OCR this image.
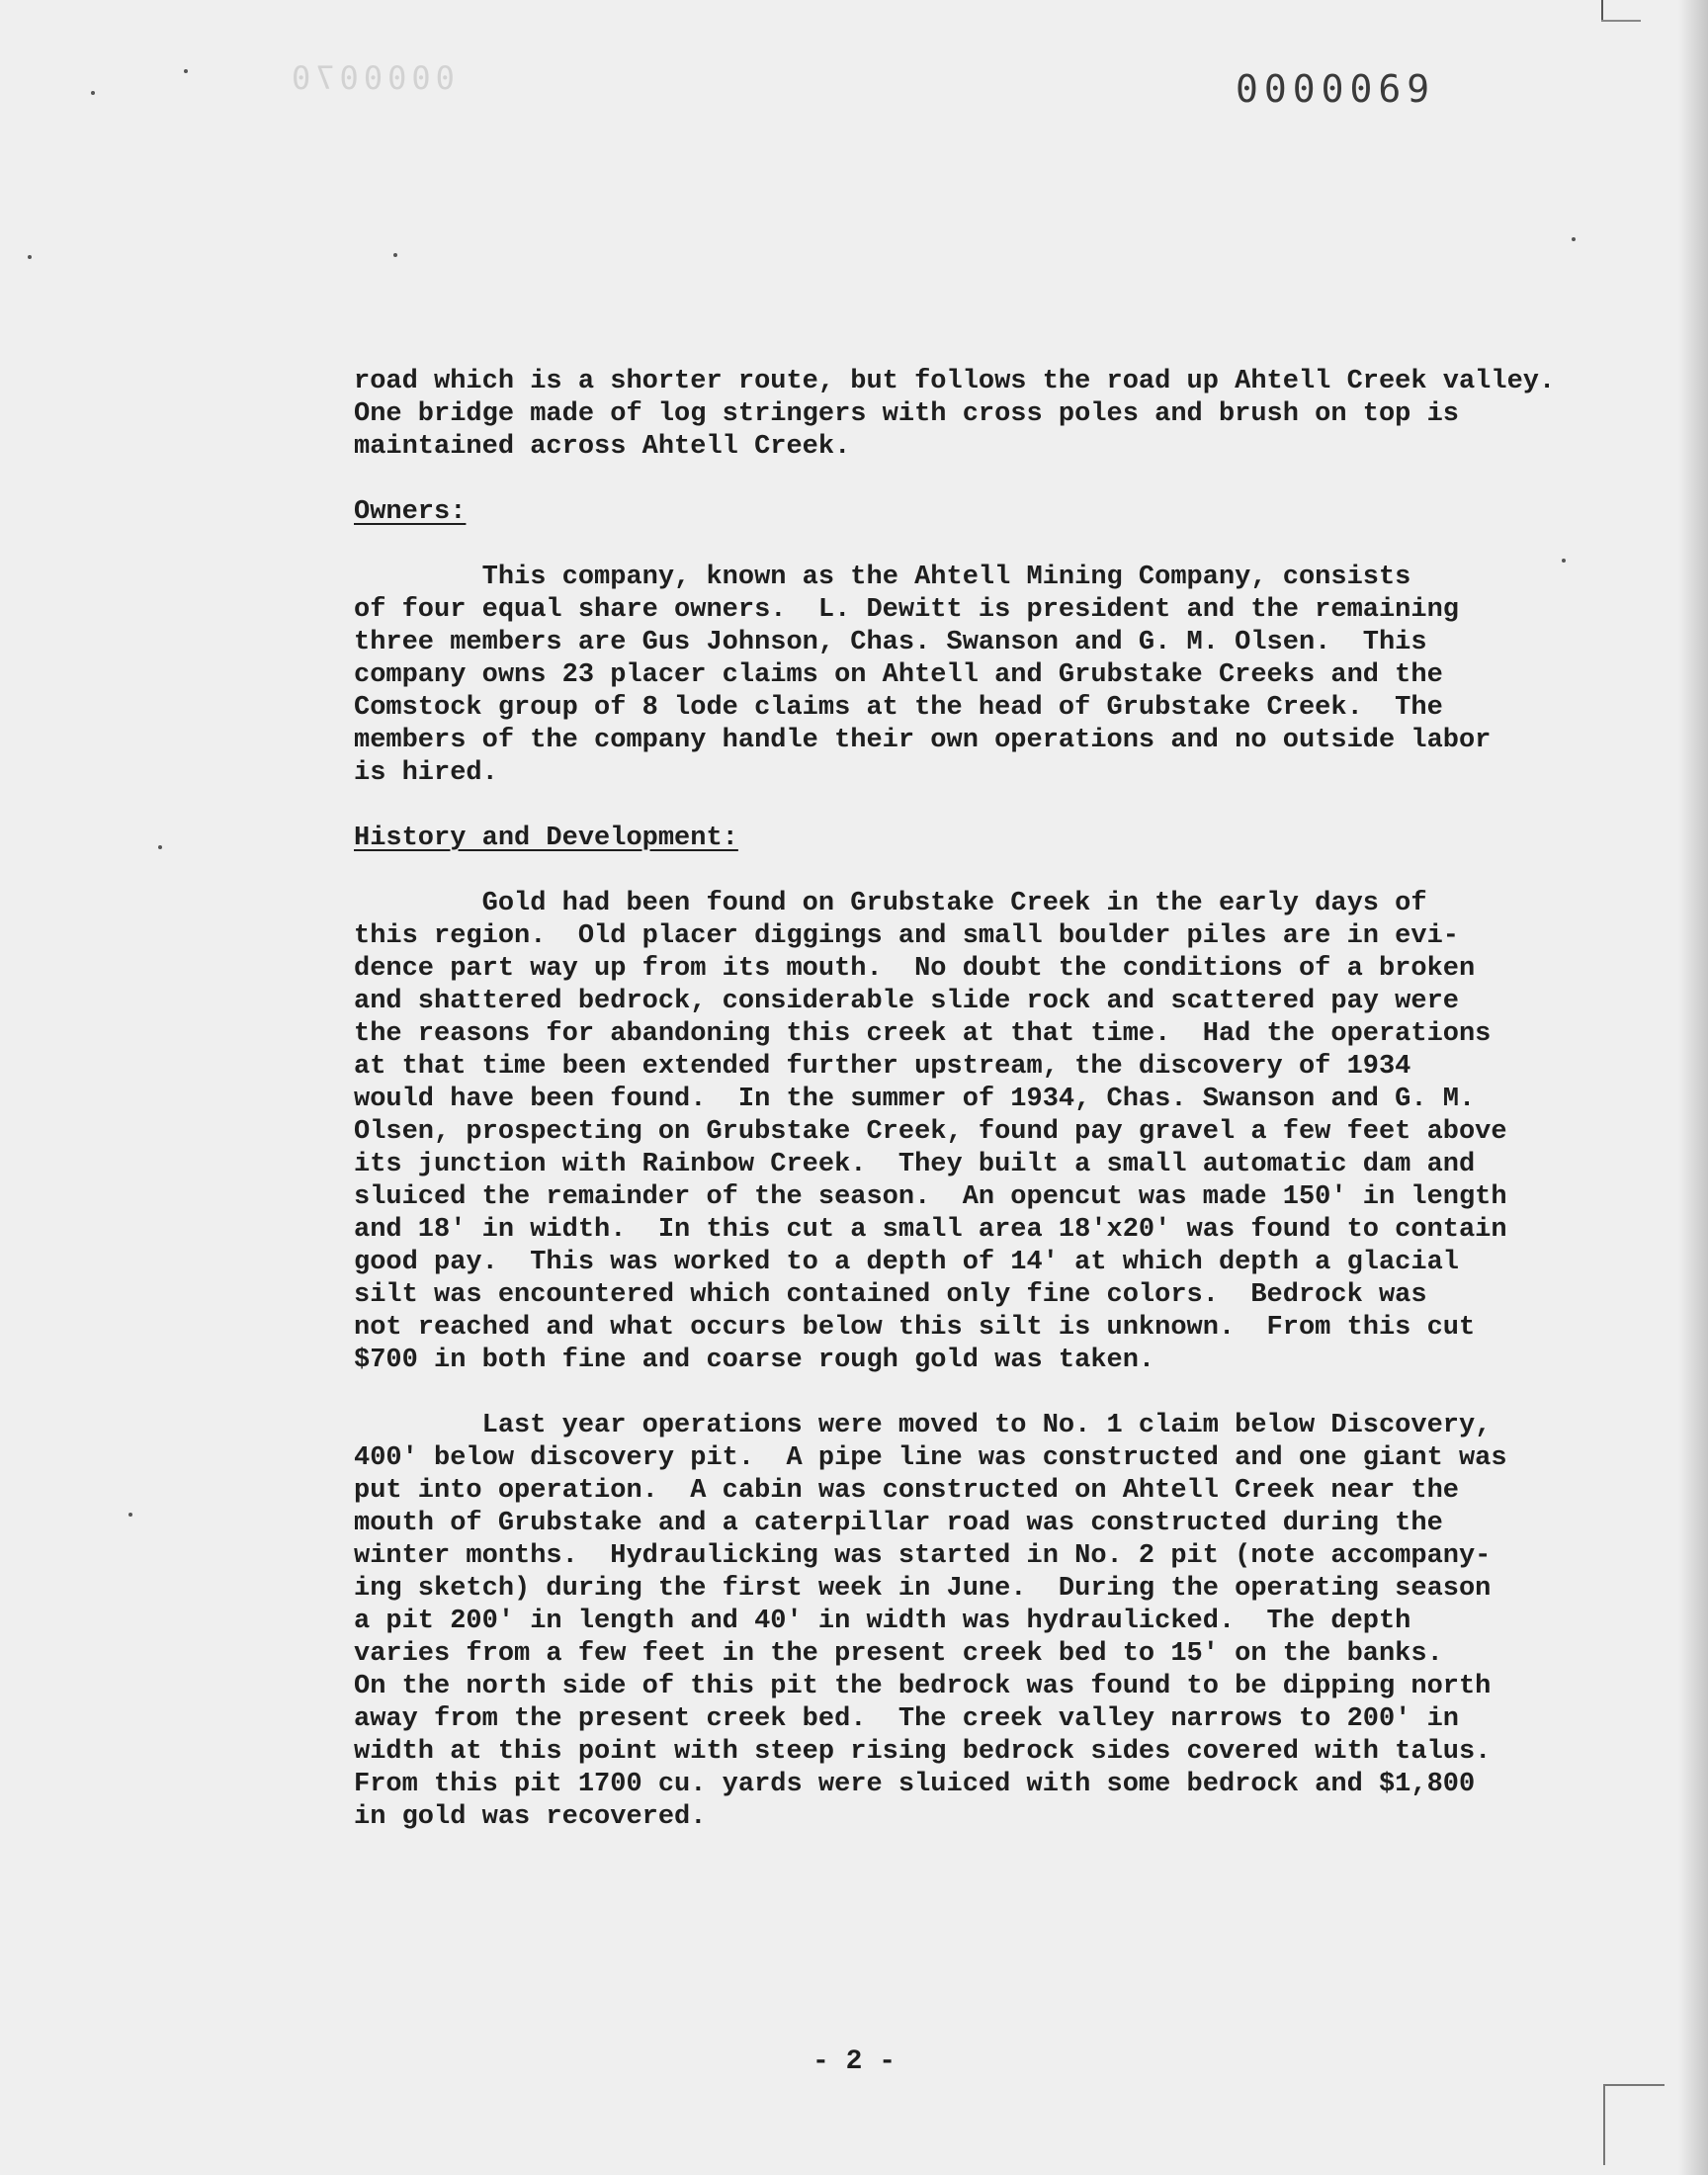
0000070	0000069
road which is a shorter route, but follows the road up Ahtell Creek valley.
One bridge made of log stringers with cross poles and brush on top is
maintained across Ahtell Creek.
Owners:
This company, known as the Ahtell Mining Company, consists
of four equal share owners.  L. Dewitt is president and the remaining
three members are Gus Johnson, Chas. Swanson and G. M. Olsen.  This
company owns 23 placer claims on Ahtell and Grubstake Creeks and the
Comstock group of 8 lode claims at the head of Grubstake Creek.  The
members of the company handle their own operations and no outside labor
is hired.
History and Development:
Gold had been found on Grubstake Creek in the early days of
this region.  Old placer diggings and small boulder piles are in evi-
dence part way up from its mouth.  No doubt the conditions of a broken
and shattered bedrock, considerable slide rock and scattered pay were
the reasons for abandoning this creek at that time.  Had the operations
at that time been extended further upstream, the discovery of 1934
would have been found.  In the summer of 1934, Chas. Swanson and G. M.
Olsen, prospecting on Grubstake Creek, found pay gravel a few feet above
its junction with Rainbow Creek.  They built a small automatic dam and
sluiced the remainder of the season.  An opencut was made 150' in length
and 18' in width.  In this cut a small area 18'x20' was found to contain
good pay.  This was worked to a depth of 14' at which depth a glacial
silt was encountered which contained only fine colors.  Bedrock was
not reached and what occurs below this silt is unknown.  From this cut
$700 in both fine and coarse rough gold was taken.
Last year operations were moved to No. 1 claim below Discovery,
400' below discovery pit.  A pipe line was constructed and one giant was
put into operation.  A cabin was constructed on Ahtell Creek near the
mouth of Grubstake and a caterpillar road was constructed during the
winter months.  Hydraulicking was started in No. 2 pit (note accompany-
ing sketch) during the first week in June.  During the operating season
a pit 200' in length and 40' in width was hydraulicked.  The depth
varies from a few feet in the present creek bed to 15' on the banks.
On the north side of this pit the bedrock was found to be dipping north
away from the present creek bed.  The creek valley narrows to 200' in
width at this point with steep rising bedrock sides covered with talus.
From this pit 1700 cu. yards were sluiced with some bedrock and $1,800
in gold was recovered.
- 2 -
